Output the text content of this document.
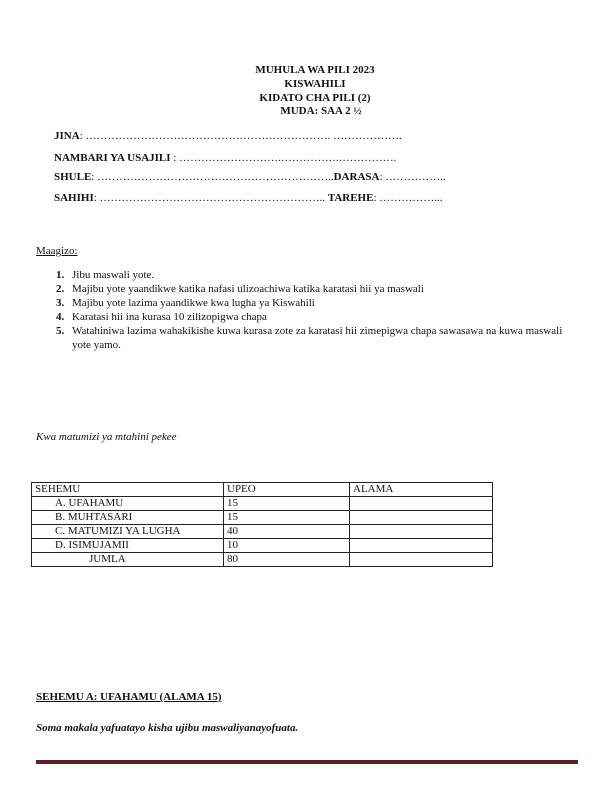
MUHULA WA PILI 2023
KISWAHILI
KIDATO CHA PILI (2)
MUDA: SAA 2 ½
JINA: …………………………………………………………. ……………….
NAMBARI YA USAJILI : ……………………….…………….…………….
SHULE: ………………………………………………………..DARASA: ……………..
SAHIHI: …………………………………………………….. TAREHE: ……………...
Maagizo:
1. Jibu maswali yote.
2. Majibu yote yaandikwe katika nafasi ulizoachiwa katika karatasi hii ya maswali
3. Majibu yote lazima yaandikwe kwa lugha ya Kiswahili
4. Karatasi hii ina kurasa 10 zilizopigwa chapa
5. Watahiniwa lazima wahakikishe kuwa kurasa zote za karatasi hii zimepigwa chapa sawasawa na kuwa maswali yote yamo.
Kwa matumizi ya mtahini pekee
SEHEMU	UPEO	ALAMA
A. UFAHAMU	15	
B. MUHTASARI	15	
C. MATUMIZI YA LUGHA	40	
D. ISIMUJAMII	10	
JUMLA	80	
SEHEMU A: UFAHAMU (ALAMA 15)
Soma makala yafuatayo kisha ujibu maswaliyanayofuata.
